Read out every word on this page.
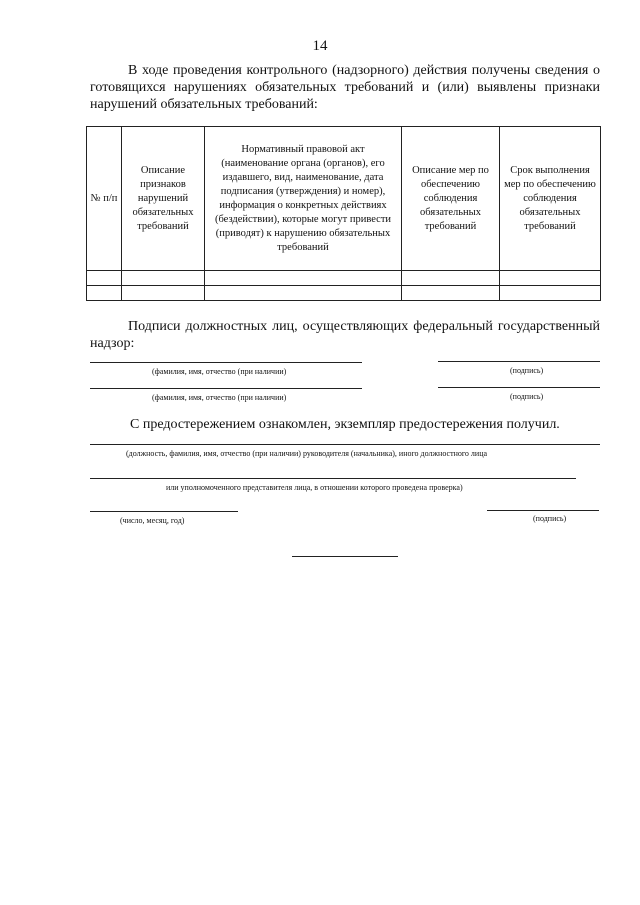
14
В ходе проведения контрольного (надзорного) действия получены сведения о готовящихся нарушениях обязательных требований и (или) выявлены признаки нарушений обязательных требований:
№ п/п	Описание признаков нарушений обязательных требований	Нормативный правовой акт (наименование органа (органов), его издавшего, вид, наименование, дата подписания (утверждения) и номер), информация о конкретных действиях (бездействии), которые могут привести (приводят) к нарушению обязательных требований	Описание мер по обеспечению соблюдения обязательных требований	Срок выполнения мер по обеспечению соблюдения обязательных требований

Подписи должностных лиц, осуществляющих федеральный государственный надзор:
(фамилия, имя, отчество (при наличии)	(подпись)
(фамилия, имя, отчество (при наличии)	(подпись)
С предостережением ознакомлен, экземпляр предостережения получил.
(должность, фамилия, имя, отчество (при наличии) руководителя (начальника), иного должностного лица
или уполномоченного представителя лица, в отношении которого проведена проверка)
(число, месяц, год)	(подпись)
